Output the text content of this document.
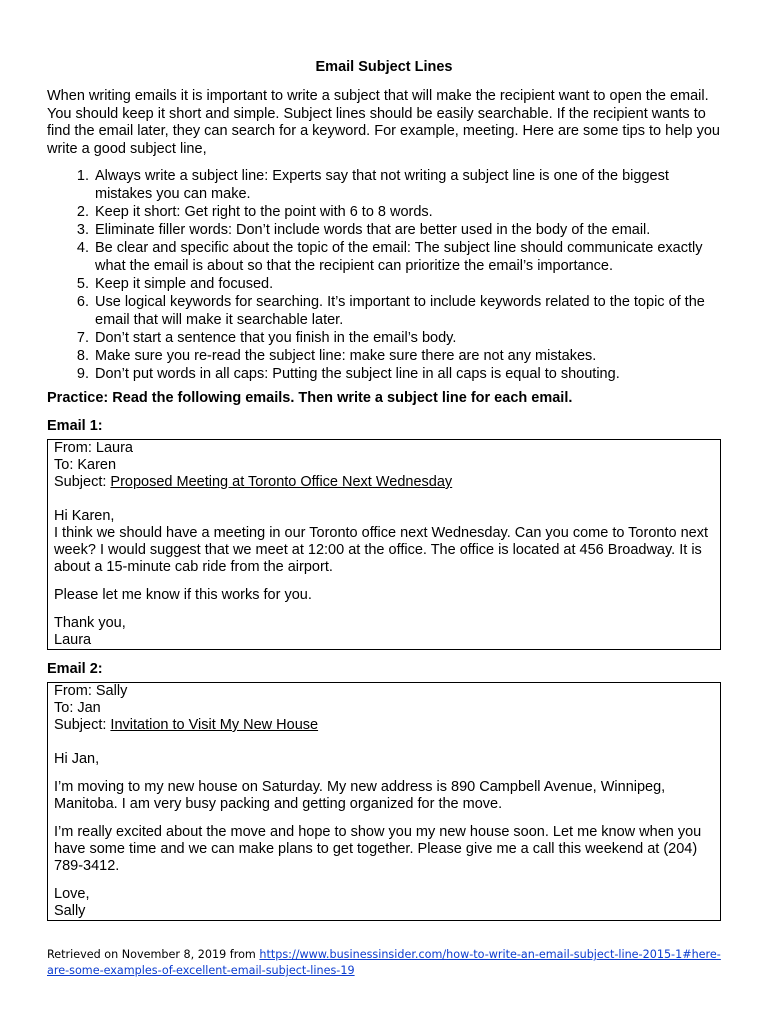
Email Subject Lines

When writing emails it is important to write a subject that will make the recipient want to open the email. You should keep it short and simple. Subject lines should be easily searchable. If the recipient wants to find the email later, they can search for a keyword. For example, meeting. Here are some tips to help you write a good subject line,

1. Always write a subject line: Experts say that not writing a subject line is one of the biggest mistakes you can make.
2. Keep it short: Get right to the point with 6 to 8 words.
3. Eliminate filler words: Don’t include words that are better used in the body of the email.
4. Be clear and specific about the topic of the email: The subject line should communicate exactly what the email is about so that the recipient can prioritize the email’s importance.
5. Keep it simple and focused.
6. Use logical keywords for searching. It’s important to include keywords related to the topic of the email that will make it searchable later.
7. Don’t start a sentence that you finish in the email’s body.
8. Make sure you re-read the subject line: make sure there are not any mistakes.
9. Don’t put words in all caps: Putting the subject line in all caps is equal to shouting.
Practice: Read the following emails. Then write a subject line for each email.
Email 1:

From: Laura

To: Karen

Subject: Proposed Meeting at Toronto Office Next Wednesday

Hi Karen,

I think we should have a meeting in our Toronto office next Wednesday. Can you come to Toronto next week? I would suggest that we meet at 12:00 at the office. The office is located at 456 Broadway. It is about a 15-minute cab ride from the airport.

Please let me know if this works for you.

Thank you,

Laura

Email 2:

From: Sally

To: Jan

Subject: Invitation to Visit My New House

Hi Jan,

I’m moving to my new house on Saturday. My new address is 890 Campbell Avenue, Winnipeg, Manitoba. I am very busy packing and getting organized for the move.

I’m really excited about the move and hope to show you my new house soon. Let me know when you have some time and we can make plans to get together. Please give me a call this weekend at (204) 789-3412.

Love,

Sally

Retrieved on November 8, 2019 from https://www.businessinsider.com/how-to-write-an-email-subject-line-2015-1#here-are-some-examples-of-excellent-email-subject-lines-19
